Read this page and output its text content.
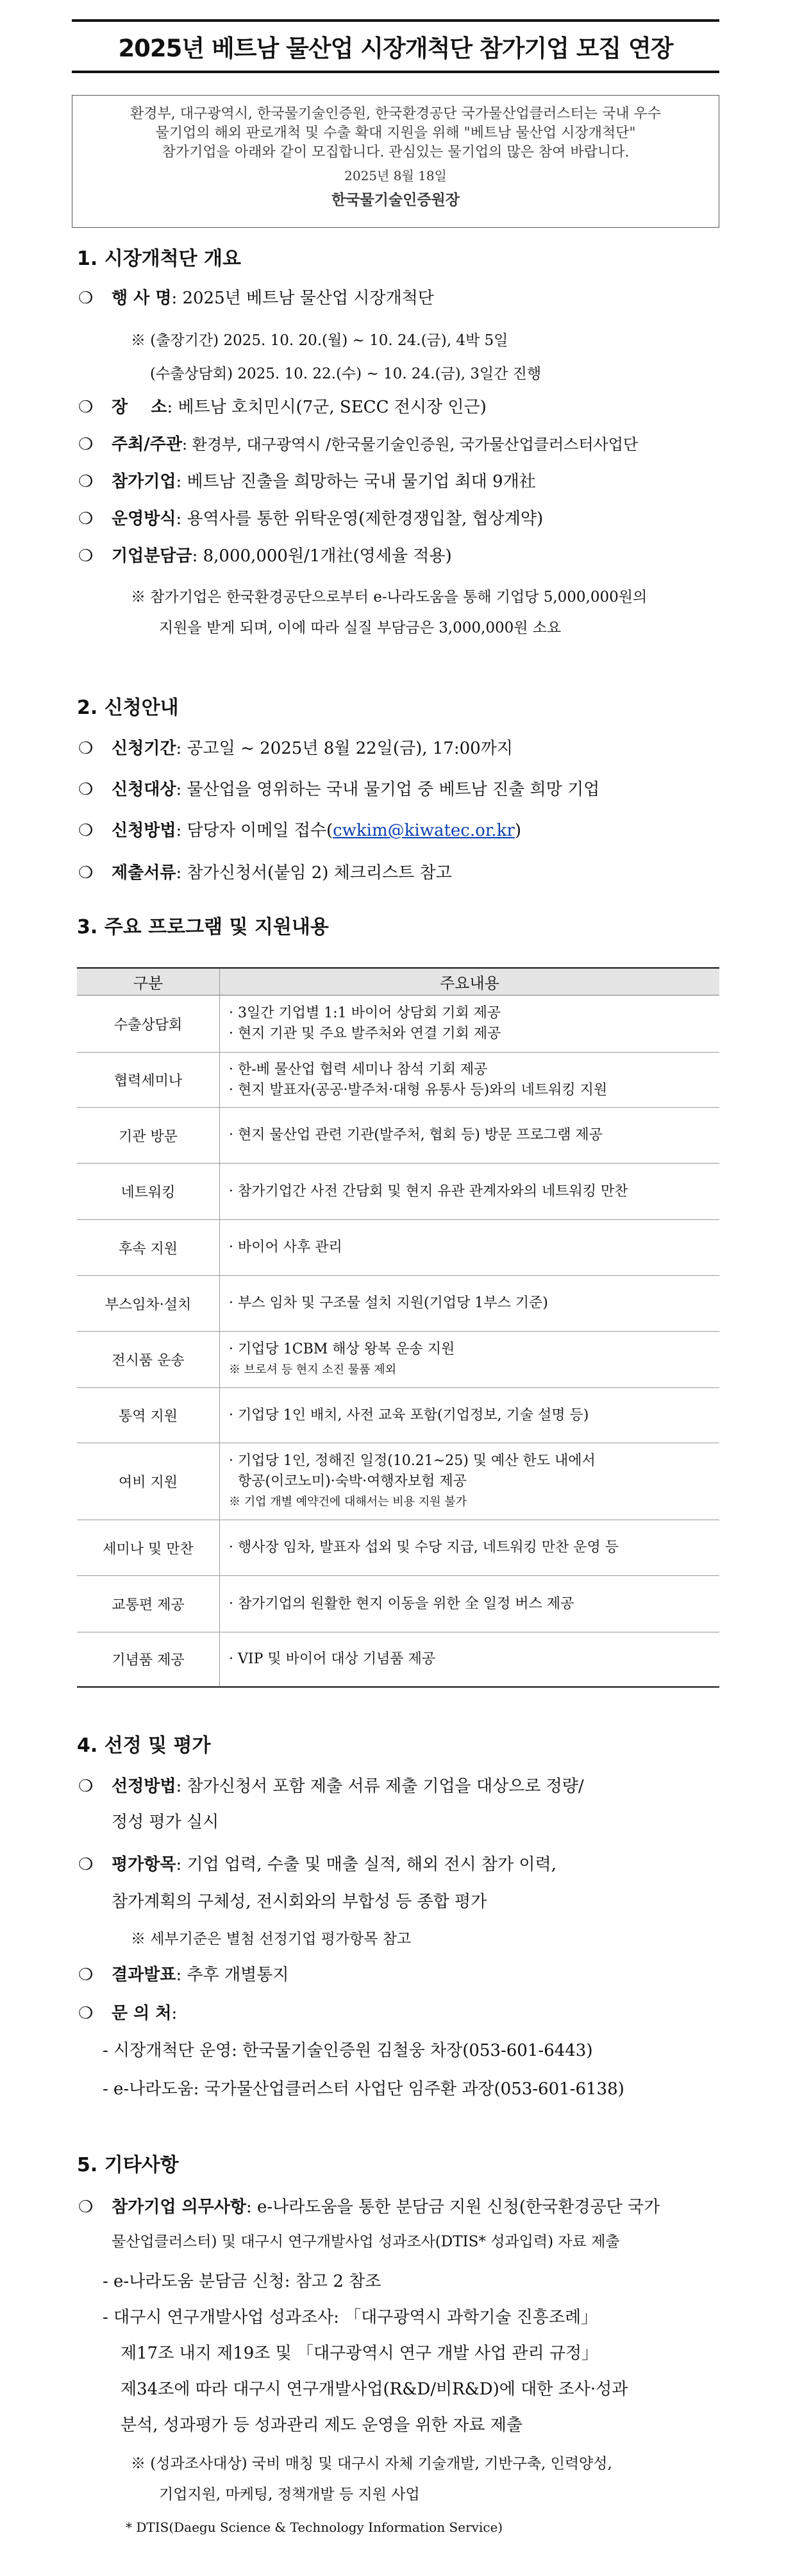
2025년 베트남 물산업 시장개척단 참가기업 모집 연장

환경부, 대구광역시, 한국물기술인증원, 한국환경공단 국가물산업클러스터는 국내 우수

물기업의 해외 판로개척 및 수출 확대 지원을 위해 "베트남 물산업 시장개척단"

참가기업을 아래와 같이 모집합니다. 관심있는 물기업의 많은 참여 바랍니다.

2025년 8월 18일

한국물기술인증원장

1. 시장개척단 개요
❍ 행 사 명: 2025년 베트남 물산업 시장개척단
※ (출장기간) 2025. 10. 20.(월) ~ 10. 24.(금), 4박 5일
(수출상담회) 2025. 10. 22.(수) ~ 10. 24.(금), 3일간 진행
❍ 장    소: 베트남 호치민시(7군, SECC 전시장 인근)
❍ 주최/주관: 환경부, 대구광역시 /한국물기술인증원, 국가물산업클러스터사업단
❍ 참가기업: 베트남 진출을 희망하는 국내 물기업 최대 9개社
❍ 운영방식: 용역사를 통한 위탁운영(제한경쟁입찰, 협상계약)
❍ 기업분담금: 8,000,000원/1개社(영세율 적용)
※ 참가기업은 한국환경공단으로부터 e-나라도움을 통해 기업당 5,000,000원의
지원을 받게 되며, 이에 따라 실질 부담금은 3,000,000원 소요
2. 신청안내
❍ 신청기간: 공고일 ~ 2025년 8월 22일(금), 17:00까지
❍ 신청대상: 물산업을 영위하는 국내 물기업 중 베트남 진출 희망 기업
❍ 신청방법: 담당자 이메일 접수(cwkim@kiwatec.or.kr)
❍ 제출서류: 참가신청서(붙임 2) 체크리스트 참고
3. 주요 프로그램 및 지원내용
구분	주요내용
수출상담회	· 3일간 기업별 1:1 바이어 상담회 기회 제공
· 현지 기관 및 주요 발주처와 연결 기회 제공

협력세미나	· 한-베 물산업 협력 세미나 참석 기회 제공
· 현지 발표자(공공·발주처·대형 유통사 등)와의 네트워킹 지원

기관 방문	· 현지 물산업 관련 기관(발주처, 협회 등) 방문 프로그램 제공
네트워킹	· 참가기업간 사전 간담회 및 현지 유관 관계자와의 네트워킹 만찬
후속 지원	· 바이어 사후 관리
부스임차·설치	· 부스 임차 및 구조물 설치 지원(기업당 1부스 기준)
전시품 운송	· 기업당 1CBM 해상 왕복 운송 지원
※ 브로셔 등 현지 소진 물품 제외

통역 지원	· 기업당 1인 배치, 사전 교육 포함(기업정보, 기술 설명 등)
여비 지원	· 기업당 1인, 정해진 일정(10.21~25) 및 예산 한도 내에서
항공(이코노미)·숙박·여행자보험 제공
※ 기업 개별 예약건에 대해서는 비용 지원 불가

세미나 및 만찬	· 행사장 임차, 발표자 섭외 및 수당 지급, 네트워킹 만찬 운영 등
교통편 제공	· 참가기업의 원활한 현지 이동을 위한 全 일정 버스 제공
기념품 제공	· VIP 및 바이어 대상 기념품 제공
4. 선정 및 평가
❍ 선정방법: 참가신청서 포함 제출 서류 제출 기업을 대상으로 정량/
정성 평가 실시
❍ 평가항목: 기업 업력, 수출 및 매출 실적, 해외 전시 참가 이력,
참가계획의 구체성, 전시회와의 부합성 등 종합 평가
※ 세부기준은 별첨 선정기업 평가항목 참고
❍ 결과발표: 추후 개별통지
❍ 문 의 처:
- 시장개척단 운영: 한국물기술인증원 김철웅 차장(053-601-6443)
- e-나라도움: 국가물산업클러스터 사업단 임주환 과장(053-601-6138)
5. 기타사항
❍ 참가기업 의무사항: e-나라도움을 통한 분담금 지원 신청(한국환경공단 국가
물산업클러스터) 및 대구시 연구개발사업 성과조사(DTIS* 성과입력) 자료 제출
- e-나라도움 분담금 신청: 참고 2 참조
- 대구시 연구개발사업 성과조사: 「대구광역시 과학기술 진흥조례」
제17조 내지 제19조 및 「대구광역시 연구 개발 사업 관리 규정」
제34조에 따라 대구시 연구개발사업(R&D/비R&D)에 대한 조사·성과
분석, 성과평가 등 성과관리 제도 운영을 위한 자료 제출
※ (성과조사대상) 국비 매칭 및 대구시 자체 기술개발, 기반구축, 인력양성,
기업지원, 마케팅, 정책개발 등 지원 사업
* DTIS(Daegu Science & Technology Information Service)
